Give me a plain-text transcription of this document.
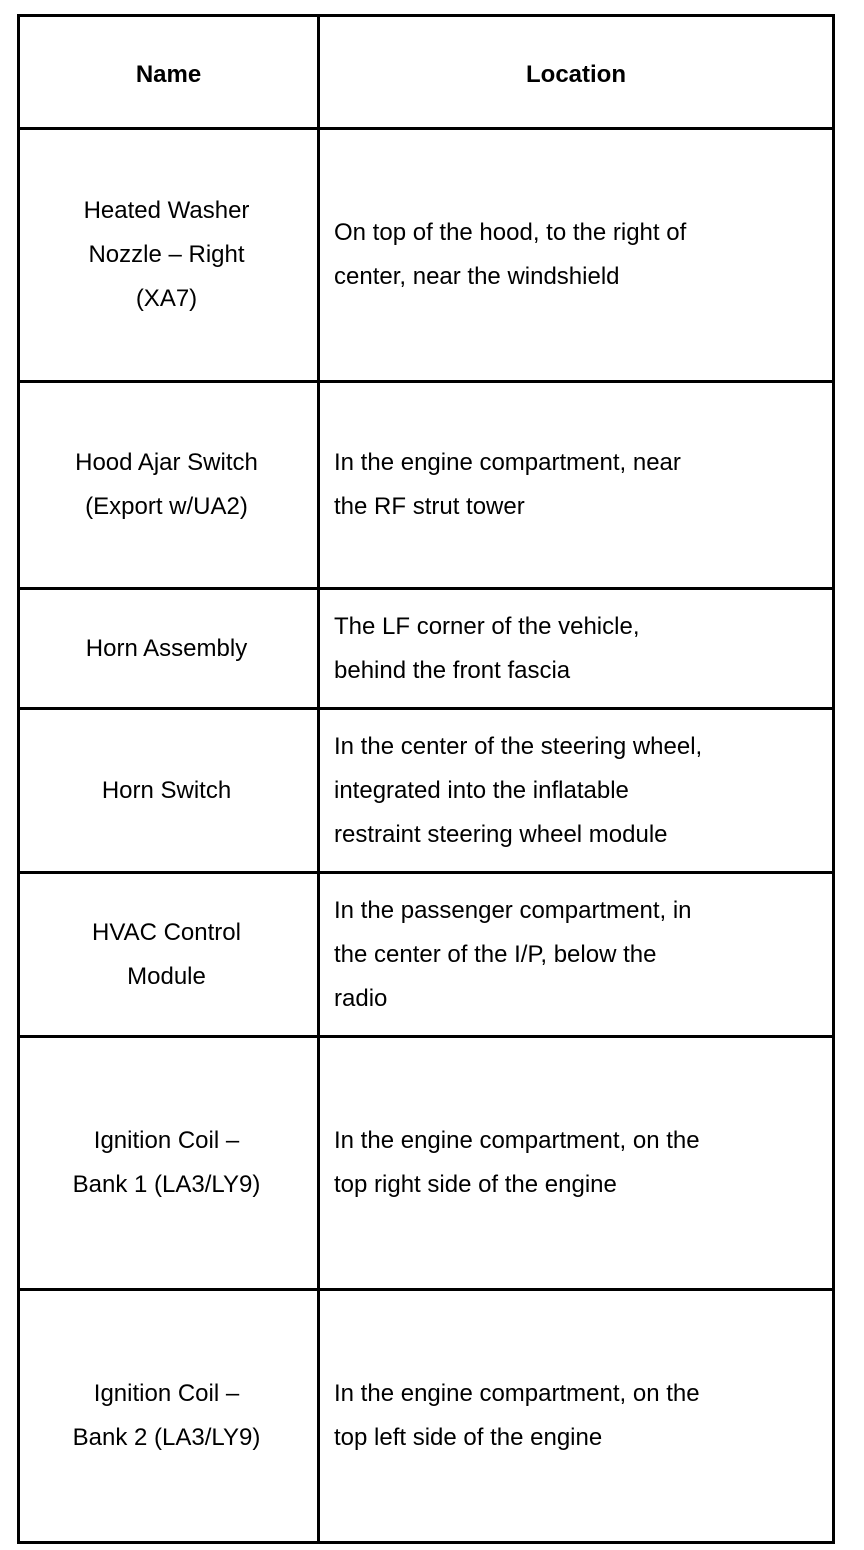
Name	Location

Heated Washer
Nozzle – Right
(XA7)	On top of the hood, to the right of
center, near the windshield

Hood Ajar Switch
(Export w/UA2)	In the engine compartment, near
the RF strut tower

Horn Assembly	The LF corner of the vehicle,
behind the front fascia

Horn Switch	In the center of the steering wheel,
integrated into the inflatable
restraint steering wheel module

HVAC Control
Module	In the passenger compartment, in
the center of the I/P, below the
radio

Ignition Coil –
Bank 1 (LA3/LY9)	In the engine compartment, on the
top right side of the engine

Ignition Coil –
Bank 2 (LA3/LY9)	In the engine compartment, on the
top left side of the engine
